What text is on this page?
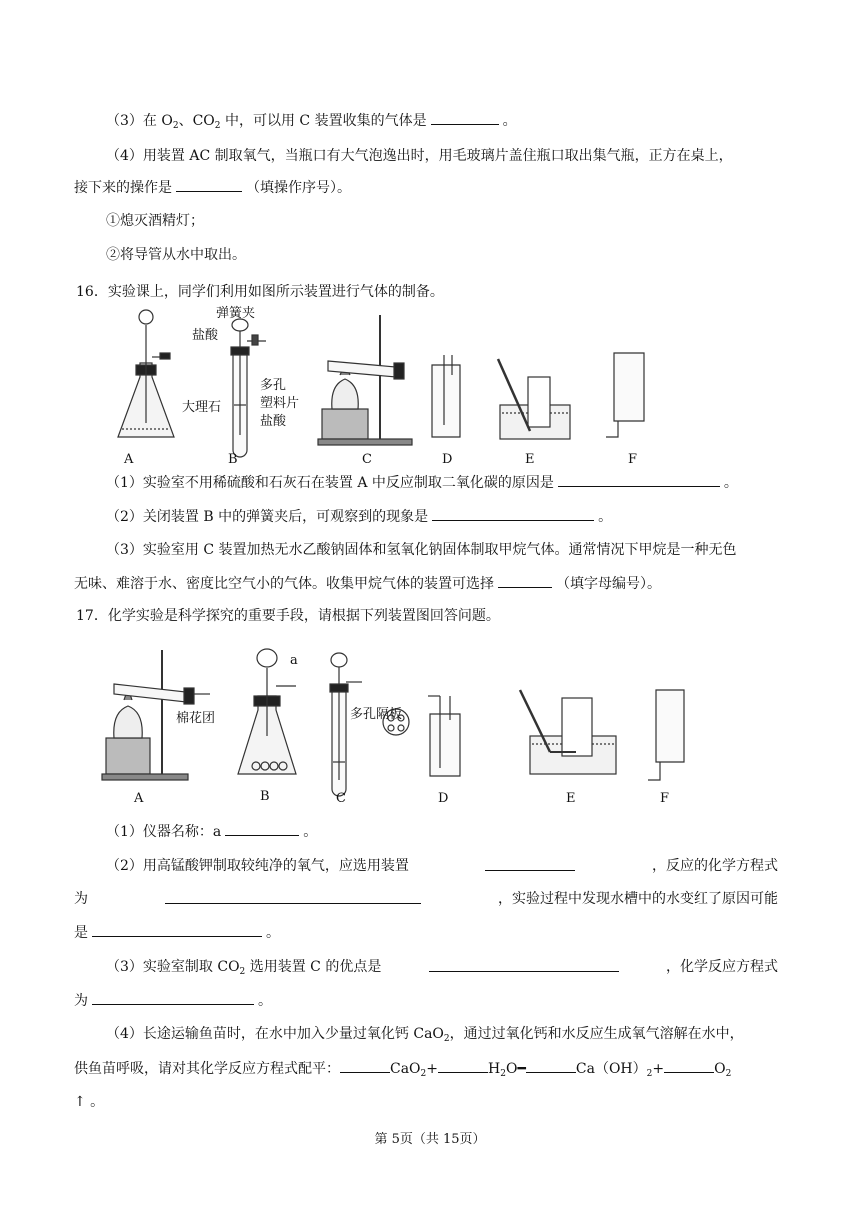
（3）在 $O_2$、$CO_2$ 中，可以用 C 装置收集的气体是	。
（4）用装置 AC 制取氧气，当瓶口有大气泡逸出时，用毛玻璃片盖住瓶口取出集气瓶，正方在桌上，
接下来的操作是	（填操作序号）。
①熄灭酒精灯；
②将导管从水中取出。
16．实验课上，同学们利用如图所示装置进行气体的制备。
弹簧夹
盐酸
多孔
塑料片
大理石
盐酸
A	B	C	D	E	F
（1）实验室不用稀硫酸和石灰石在装置 A 中反应制取二氧化碳的原因是	。
（2）关闭装置 B 中的弹簧夹后，可观察到的现象是	。
（3）实验室用 C 装置加热无水乙酸钠固体和氢氧化钠固体制取甲烷气体。通常情况下甲烷是一种无色
无味、难溶于水、密度比空气小的气体。收集甲烷气体的装置可选择	（填字母编号）。
17．化学实验是科学探究的重要手段，请根据下列装置图回答问题。
棉花团
a
多孔隔板
A	B	C	D	E	F
（1）仪器名称：a	。
（2）用高锰酸钾制取较纯净的氧气，应选用装置	，反应的化学方程式
为	，实验过程中发现水槽中的水变红了原因可能
是	。
（3）实验室制取 $CO_2$ 选用装置 C 的优点是	，化学反应方程式
为	。
（4）长途运输鱼苗时，在水中加入少量过氧化钙 CaO$_2$，通过过氧化钙和水反应生成氧气溶解在水中，
供鱼苗呼吸，请对其化学反应方程式配平：	CaO$_2$+	$H_2O━$	$Ca(OH)_2+$	$O_2$
↑ 。
第 5页（共 15页）
